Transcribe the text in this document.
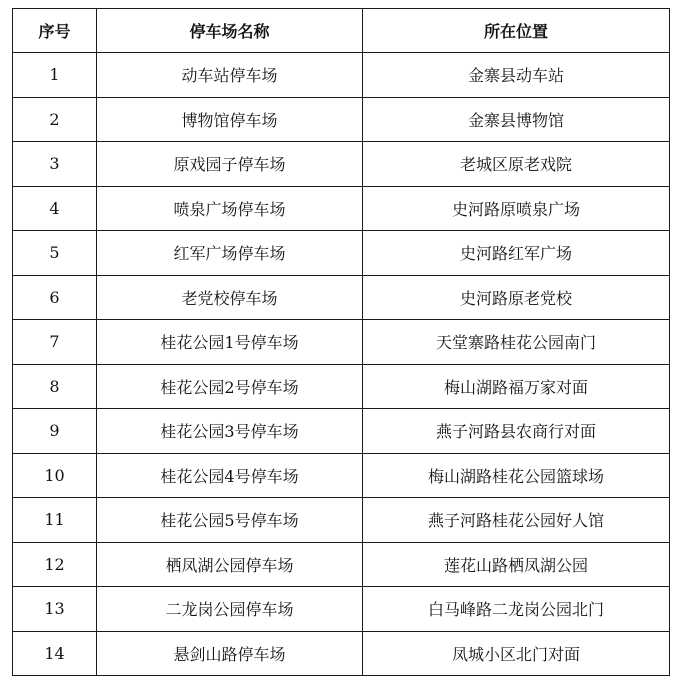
序号	停车场名称	所在位置
1	动车站停车场	金寨县动车站
2	博物馆停车场	金寨县博物馆
3	原戏园子停车场	老城区原老戏院
4	喷泉广场停车场	史河路原喷泉广场
5	红军广场停车场	史河路红军广场
6	老党校停车场	史河路原老党校
7	桂花公园1号停车场	天堂寨路桂花公园南门
8	桂花公园2号停车场	梅山湖路福万家对面
9	桂花公园3号停车场	燕子河路县农商行对面
10	桂花公园4号停车场	梅山湖路桂花公园篮球场
11	桂花公园5号停车场	燕子河路桂花公园好人馆
12	栖凤湖公园停车场	莲花山路栖凤湖公园
13	二龙岗公园停车场	白马峰路二龙岗公园北门
14	悬剑山路停车场	凤城小区北门对面
